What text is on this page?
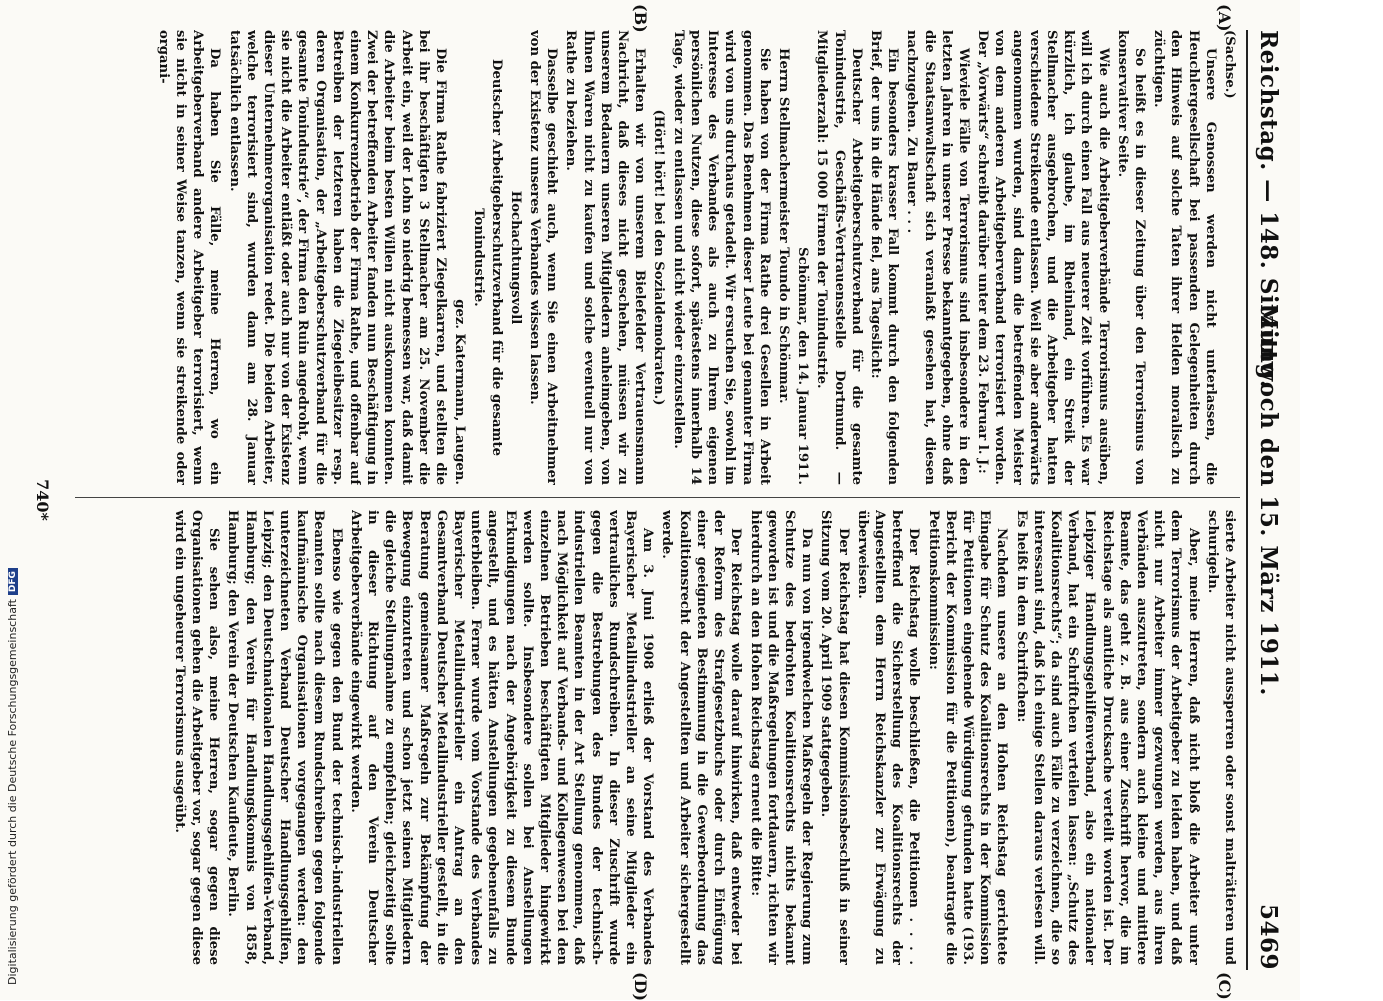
Reichstag. — 148. Sitzung.
Mittwoch den 15. März 1911.
5469
(A)
(B)
(C)
(D)

(Sachse.)

Unsere Genossen werden nicht unterlassen, die Heuchlergesellschaft bei passenden Gelegenheiten durch den Hinweis auf solche Taten ihrer Helden moralisch zu züchtigen.

So heißt es in dieser Zeitung über den Terrorismus von konservativer Seite.

Wie auch die Arbeitgeberverbände Terrorismus ausüben, will ich durch einen Fall aus neuerer Zeit vorführen. Es war kürzlich, ich glaube, im Rheinland, ein Streik der Stellmacher ausgebrochen, und die Arbeitgeber hatten verschiedene Streikende entlassen. Weil sie aber anderwärts angenommen wurden, sind dann die betreffenden Meister von dem anderen Arbeitgeberverband terrorisiert worden. Der „Vorwärts“ schreibt darüber unter dem 23. Februar l. J.:

Wieviele Fälle von Terrorismus sind insbesondere in den letzten Jahren in unserer Presse bekanntgegeben, ohne daß die Staatsanwaltschaft sich veranlaßt gesehen hat, diesen nachzugehen. Zu Bauer . . .

Ein besonders krasser Fall kommt durch den folgenden Brief, der uns in die Hände fiel, ans Tageslicht:

Deutscher Arbeitgeberschutzverband für die gesamte Tonindustrie, Geschäfts-Vertrauensstelle Dortmund. — Mitgliederzahl: 15 000 Firmen der Tonindustrie.

Schönmar, den 14. Januar 1911.

Herrn Stellmachermeister Toundo in Schönmar.

Sie haben von der Firma Rathe drei Gesellen in Arbeit genommen. Das Benehmen dieser Leute bei genannter Firma wird von uns durchaus getadelt. Wir ersuchen Sie, sowohl im Interesse des Verbandes als auch zu Ihrem eigenen persönlichen Nutzen, diese sofort, spätestens innerhalb 14 Tage, wieder zu entlassen und nicht wieder einzustellen.

(Hört! hört! bei den Sozialdemokraten.)

Erhalten wir von unserem Bielefelder Vertrauensmann Nachricht, daß dieses nicht geschehen, müssen wir zu unserem Bedauern unseren Mitgliedern anheimgeben, von Ihnen Waren nicht zu kaufen und solche eventuell nur von Rathe zu beziehen.

Dasselbe geschieht auch, wenn Sie einen Arbeitnehmer von der Existenz unseres Verbandes wissen lassen.

Hochachtungsvoll

Deutscher Arbeitgeberschutzverband für die gesamte Tonindustrie.

gez. Katermann, Laugen.

Die Firma Rathe fabriziert Ziegelkarren, und stellten die bei ihr beschäftigten 3 Stellmacher am 25. November die Arbeit ein, weil der Lohn so niedrig bemessen war, daß damit die Arbeiter beim besten Willen nicht auskommen konnten. Zwei der betreffenden Arbeiter fanden nun Beschäftigung in einem Konkurrenzbetrieb der Firma Rathe, und offenbar auf Betreiben der letzteren haben die Ziegeleibesitzer resp. deren Organisation, der „Arbeitgeberschutzverband für die gesamte Tonindustrie“, der Firma den Ruin angedroht, wenn sie nicht die Arbeiter entläßt oder auch nur von der Existenz dieser Unternehmerorganisation redet. Die beiden Arbeiter, welche terrorisiert sind, wurden dann am 28. Januar tatsächlich entlassen.

Da haben Sie Fälle, meine Herren, wo ein Arbeitgeberverband andere Arbeitgeber terrorisiert, wenn sie nicht in seiner Weise tanzen, wenn sie streikende oder organi-

sierte Arbeiter nicht aussperren oder sonst malträtieren und schurigeln.

Aber, meine Herren, daß nicht bloß die Arbeiter unter dem Terrorismus der Arbeitgeber zu leiden haben, und daß nicht nur Arbeiter immer gezwungen werden, aus ihren Verbänden auszutreten, sondern auch kleine und mittlere Beamte, das geht z. B. aus einer Zuschrift hervor, die im Reichstage als amtliche Drucksache verteilt worden ist. Der Leipziger Handlungsgehilfenverband, also ein nationaler Verband, hat ein Schriftchen verteilen lassen: „Schutz des Koalitionsrechts“; da sind auch Fälle zu verzeichnen, die so interessant sind, daß ich einige Stellen daraus verlesen will. Es heißt in dem Schriftchen:

Nachdem unsere an den Hohen Reichstag gerichtete Eingabe für Schutz des Koalitionsrechts in der Kommission für Petitionen eingehende Würdigung gefunden hatte (193. Bericht der Kommission für die Petitionen), beantragte die Petitionskommission:

Der Reichstag wolle beschließen, die Petitionen . . . . betreffend die Sicherstellung des Koalitionsrechts der Angestellten dem Herrn Reichskanzler zur Erwägung zu überweisen.

Der Reichstag hat diesen Kommissionsbeschluß in seiner Sitzung vom 20. April 1909 stattgegeben.

Da nun von irgendwelchen Maßregeln der Regierung zum Schutze des bedrohten Koalitionsrechts nichts bekannt geworden ist und die Maßregelungen fortdauern, richten wir hierdurch an den Hohen Reichstag erneut die Bitte:

Der Reichstag wolle darauf hinwirken, daß entweder bei der Reform des Strafgesetzbuchs oder durch Einfügung einer geeigneten Bestimmung in die Gewerbeordnung das Koalitionsrecht der Angestellten und Arbeiter sichergestellt werde.

Am 3. Juni 1908 erließ der Vorstand des Verbandes Bayerischer Metallindustrieller an seine Mitglieder ein vertrauliches Rundschreiben. In dieser Zuschrift wurde gegen die Bestrebungen des Bundes der technisch-industriellen Beamten in der Art Stellung genommen, daß nach Möglichkeit auf Verbands- und Kollegenwesen bei den einzelnen Betrieben beschäftigten Mitglieder hingewirkt werden sollte. Insbesondere sollen bei Anstellungen Erkundigungen nach der Angehörigkeit zu diesem Bunde angestellt, und es hätten Anstellungen gegebenenfalls zu unterbleiben. Ferner wurde vom Vorstande des Verbandes Bayerischer Metallindustrieller ein Antrag an den Gesamtverband Deutscher Metallindustrieller gestellt, in die Beratung gemeinsamer Maßregeln zur Bekämpfung der Bewegung einzutreten und schon jetzt seinen Mitgliedern die gleiche Stellungnahme zu empfehlen; gleichzeitig sollte in dieser Richtung auf den Verein Deutscher Arbeitgeberverbände eingewirkt werden.

Ebenso wie gegen den Bund der technisch-industriellen Beamten sollte nach diesem Rundschreiben gegen folgende kaufmännische Organisationen vorgegangen werden: den unterzeichneten Verband Deutscher Handlungsgehilfen, Leipzig; den Deutschnationalen Handlungsgehilfen-Verband, Hamburg; den Verein für Handlungskommis von 1858, Hamburg; den Verein der Deutschen Kaufleute, Berlin.

Sie sehen also, meine Herren, sogar gegen diese Organisationen gehen die Arbeitgeber vor, sogar gegen diese wird ein ungeheurer Terrorismus ausgeübt.

740*
Digitalisierung gefördert durch die Deutsche Forschungsgemeinschaft
DFG
